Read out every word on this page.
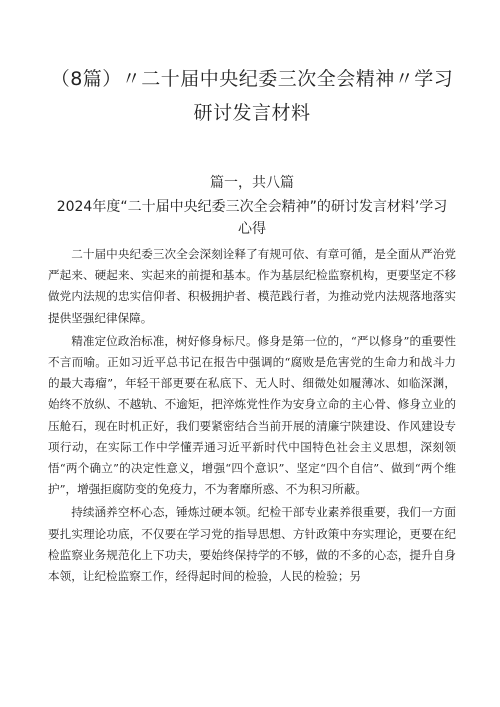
（8篇）〃二十届中央纪委三次全会精神〃学习研讨发言材料
篇一，共八篇
2024年度“二十届中央纪委三次全会精神”的研讨发言材料’学习心得

二十届中央纪委三次全会深刻诠释了有规可依、有章可循，是全面从严治党严起来、硬起来、实起来的前提和基本。作为基层纪检监察机构，更要坚定不移做党内法规的忠实信仰者、积极拥护者、模范践行者，为推动党内法规落地落实提供坚强纪律保障。

精准定位政治标准，树好修身标尺。修身是第一位的，“严以修身”的重要性不言而喻。正如习近平总书记在报告中强调的“腐败是危害党的生命力和战斗力的最大毒瘤”，年轻干部更要在私底下、无人时、细微处如履薄冰、如临深渊，始终不放纵、不越轨、不逾矩，把淬炼党性作为安身立命的主心骨、修身立业的压舱石，现在时机正好，我们要紧密结合当前开展的清廉宁陕建设、作风建设专项行动，在实际工作中学懂弄通习近平新时代中国特色社会主义思想，深刻领悟“两个确立”的决定性意义，增强“四个意识”、坚定“四个自信”、做到“两个维护”，增强拒腐防变的免疫力，不为奢靡所惑、不为积习所蔽。

持续涵养空杯心态，锤炼过硬本领。纪检干部专业素养很重要，我们一方面要扎实理论功底，不仅要在学习党的指导思想、方针政策中夯实理论，更要在纪检监察业务规范化上下功夫，要始终保持学的不够，做的不多的心态，提升自身本领，让纪检监察工作，经得起时间的检验，人民的检验；另
